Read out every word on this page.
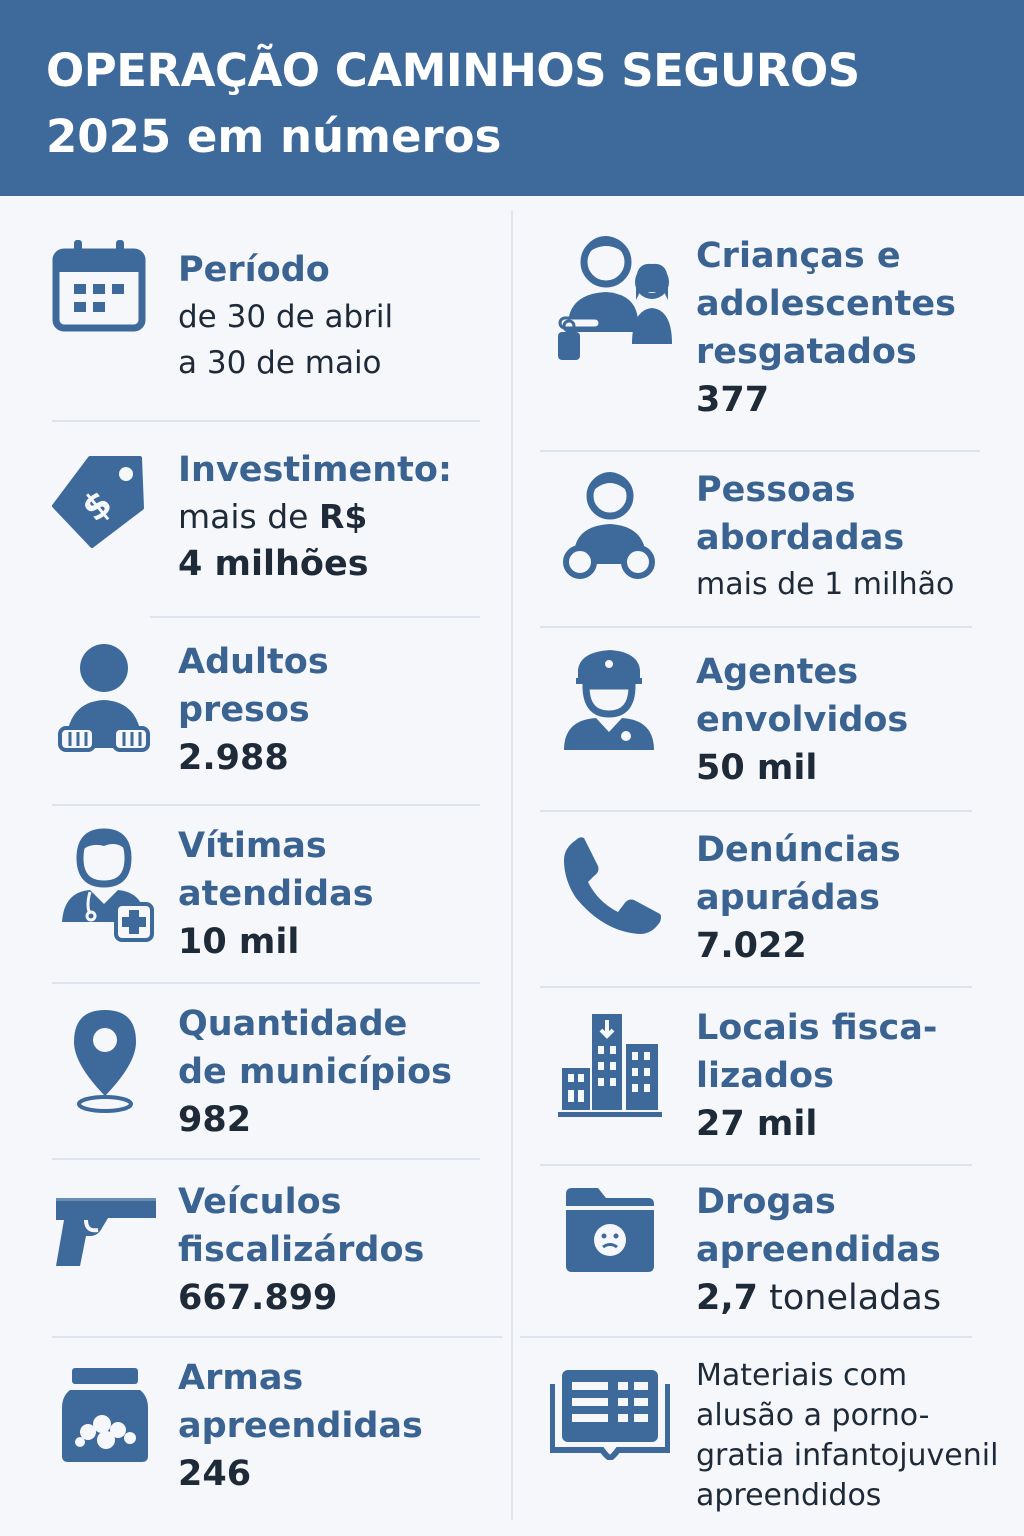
OPERAÇÃO CAMINHOS SEGUROS
2025 em números
Período
de 30 de abril
a 30 de maio
$
Investimento:
mais de R$
4 milhões
Adultos
presos
2.988
Vítimas
atendidas
10 mil
Quantidade
de municípios
982
Veículos
fiscalizárdos
667.899
Armas
apreendidas
246
Crianças e
adolescentes
resgatados
377
Pessoas
abordadas
mais de 1 milhão
Agentes
envolvidos
50 mil
Denúncias
apurádas
7.022
Locais fisca-
lizados
27 mil
Drogas
apreendidas
2,7 toneladas
Materiais com
alusão a porno-
gratia infantojuvenil
apreendidos
